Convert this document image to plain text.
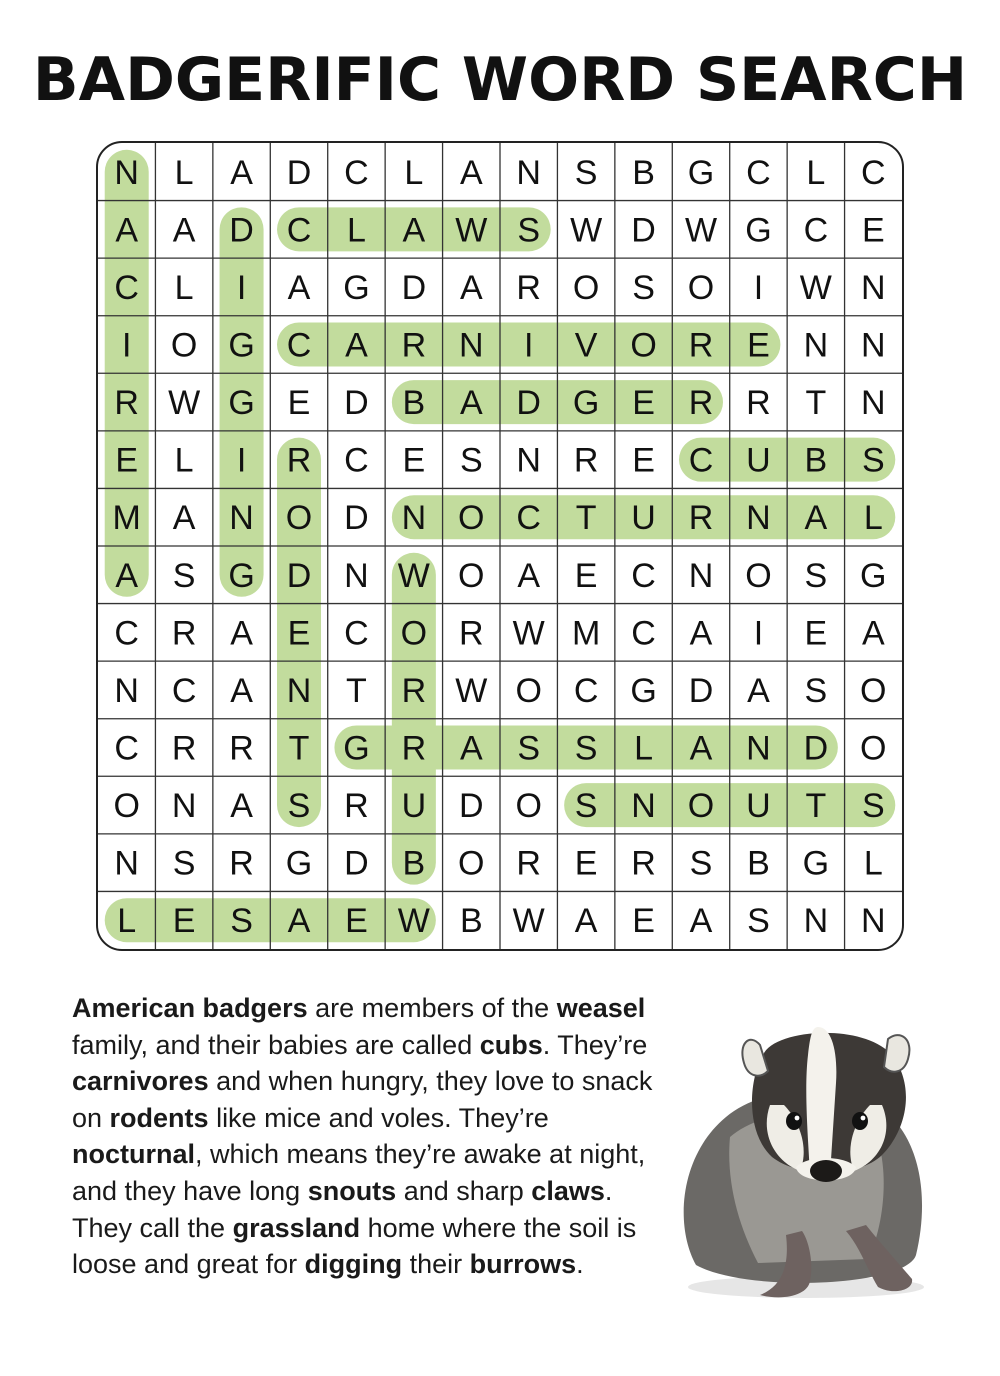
BADGERIFIC WORD SEARCH
N L A D C L A N S B G C L C
A A D C L A W S W D W G C E
C L I A G D A R O S O I W N
I O G C A R N I V O R E N N
R W G E D B A D G E R R T N
E L I R C E S N R E C U B S
M A N O D N O C T U R N A L
A S G D N W O A E C N O S G
C R A E C O R W M C A I E A
N C A N T R W O C G D A S O
C R R T G R A S S L A N D O
O N A S R U D O S N O U T S
N S R G D B O R E R S B G L
L E S A E W B W A E A S N N

American badgers are members of the weasel family, and their babies are called cubs. They’re carnivores and when hungry, they love to snack on rodents like mice and voles. They’re nocturnal, which means they’re awake at night, and they have long snouts and sharp claws. They call the grassland home where the soil is loose and great for digging their burrows.
